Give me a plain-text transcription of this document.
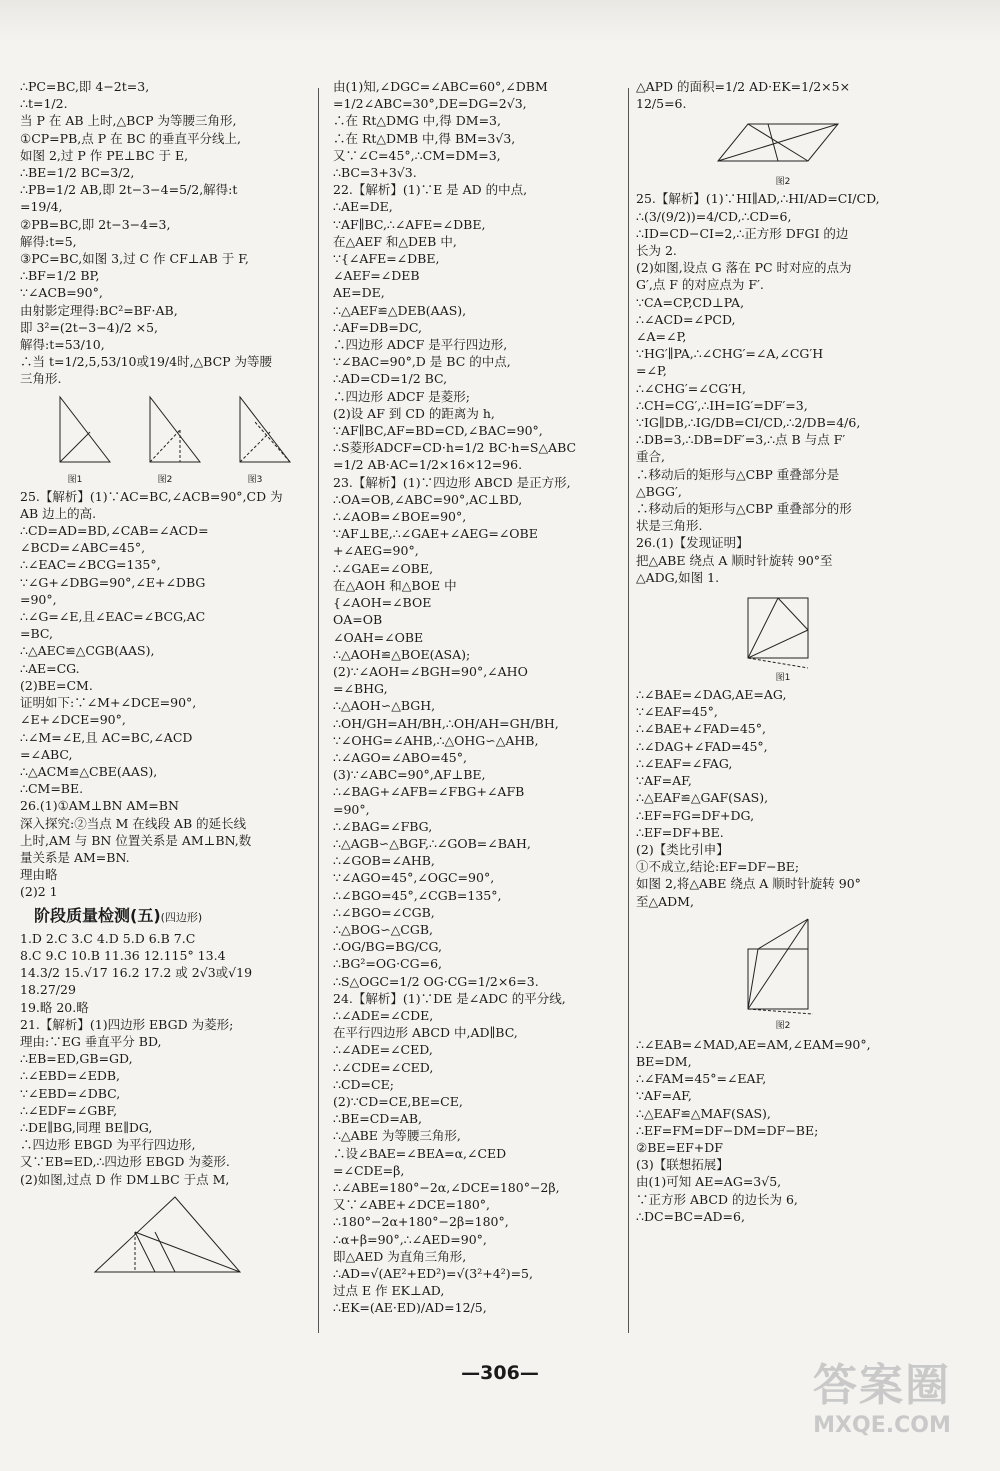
∴PC=BC,即 4−2t=3,
∴t=1/2.
当 P 在 AB 上时,△BCP 为等腰三角形,
①CP=PB,点 P 在 BC 的垂直平分线上,
如图 2,过 P 作 PE⊥BC 于 E,
∴BE=1/2 BC=3/2,
∴PB=1/2 AB,即 2t−3−4=5/2,解得:t
=19/4,
②PB=BC,即 2t−3−4=3,
解得:t=5,
③PC=BC,如图 3,过 C 作 CF⊥AB 于 F,
∴BF=1/2 BP,
∵∠ACB=90°,
由射影定理得:BC²=BF·AB,
即 3²=(2t−3−4)/2 ×5,
解得:t=53/10,
∴当 t=1/2,5,53/10或19/4时,△BCP 为等腰
三角形.
图1	图2	图3
25.【解析】(1)∵AC=BC,∠ACB=90°,CD 为
AB 边上的高.
∴CD=AD=BD,∠CAB=∠ACD=
∠BCD=∠ABC=45°,
∴∠EAC=∠BCG=135°,
∵∠G+∠DBG=90°,∠E+∠DBG
=90°,
∴∠G=∠E,且∠EAC=∠BCG,AC
=BC,
∴△AEC≌△CGB(AAS),
∴AE=CG.
(2)BE=CM.
证明如下:∵∠M+∠DCE=90°,
∠E+∠DCE=90°,
∴∠M=∠E,且 AC=BC,∠ACD
=∠ABC,
∴△ACM≌△CBE(AAS),
∴CM=BE.
26.(1)①AM⊥BN AM=BN
深入探究:②当点 M 在线段 AB 的延长线
上时,AM 与 BN 位置关系是 AM⊥BN,数
量关系是 AM=BN.
理由略
(2)2 1
阶段质量检测(五)(四边形)
1.D 2.C 3.C 4.D 5.D 6.B 7.C
8.C 9.C 10.B 11.36 12.115° 13.4
14.3/2 15.√17 16.2 17.2 或 2√3或√19
18.27/29
19.略 20.略
21.【解析】(1)四边形 EBGD 为菱形;
理由:∵EG 垂直平分 BD,
∴EB=ED,GB=GD,
∴∠EBD=∠EDB,
∵∠EBD=∠DBC,
∴∠EDF=∠GBF,
∴DE∥BG,同理 BE∥DG,
∴四边形 EBGD 为平行四边形,
又∵EB=ED,∴四边形 EBGD 为菱形.
(2)如图,过点 D 作 DM⊥BC 于点 M,
由(1)知,∠DGC=∠ABC=60°,∠DBM
=1/2∠ABC=30°,DE=DG=2√3,
∴在 Rt△DMG 中,得 DM=3,
∴在 Rt△DMB 中,得 BM=3√3,
又∵∠C=45°,∴CM=DM=3,
∴BC=3+3√3.
22.【解析】(1)∵E 是 AD 的中点,
∴AE=DE,
∵AF∥BC,∴∠AFE=∠DBE,
在△AEF 和△DEB 中,
∵{∠AFE=∠DBE,
∠AEF=∠DEB
AE=DE,
∴△AEF≌△DEB(AAS),
∴AF=DB=DC,
∴四边形 ADCF 是平行四边形,
∵∠BAC=90°,D 是 BC 的中点,
∴AD=CD=1/2 BC,
∴四边形 ADCF 是菱形;
(2)设 AF 到 CD 的距离为 h,
∵AF∥BC,AF=BD=CD,∠BAC=90°,
∴S菱形ADCF=CD·h=1/2 BC·h=S△ABC
=1/2 AB·AC=1/2×16×12=96.
23.【解析】(1)∵四边形 ABCD 是正方形,
∴OA=OB,∠ABC=90°,AC⊥BD,
∴∠AOB=∠BOE=90°,
∵AF⊥BE,∴∠GAE+∠AEG=∠OBE
+∠AEG=90°,
∴∠GAE=∠OBE,
在△AOH 和△BOE 中
{∠AOH=∠BOE
OA=OB
∠OAH=∠OBE
∴△AOH≌△BOE(ASA);
(2)∵∠AOH=∠BGH=90°,∠AHO
=∠BHG,
∴△AOH∽△BGH,
∴OH/GH=AH/BH,∴OH/AH=GH/BH,
∵∠OHG=∠AHB,∴△OHG∽△AHB,
∴∠AGO=∠ABO=45°,
(3)∵∠ABC=90°,AF⊥BE,
∴∠BAG+∠AFB=∠FBG+∠AFB
=90°,
∴∠BAG=∠FBG,
∴△AGB∽△BGF,∴∠GOB=∠BAH,
∴∠GOB=∠AHB,
∵∠AGO=45°,∠OGC=90°,
∴∠BGO=45°,∠CGB=135°,
∴∠BGO=∠CGB,
∴△BOG∽△CGB,
∴OG/BG=BG/CG,
∴BG²=OG·CG=6,
∴S△OGC=1/2 OG·CG=1/2×6=3.
24.【解析】(1)∵DE 是∠ADC 的平分线,
∴∠ADE=∠CDE,
在平行四边形 ABCD 中,AD∥BC,
∴∠ADE=∠CED,
∴∠CDE=∠CED,
∴CD=CE;
(2)∵CD=CE,BE=CE,
∴BE=CD=AB,
∴△ABE 为等腰三角形,
∴设∠BAE=∠BEA=α,∠CED
=∠CDE=β,
∴∠ABE=180°−2α,∠DCE=180°−2β,
又∵∠ABE+∠DCE=180°,
∴180°−2α+180°−2β=180°,
∴α+β=90°,∴∠AED=90°,
即△AED 为直角三角形,
∴AD=√(AE²+ED²)=√(3²+4²)=5,
过点 E 作 EK⊥AD,
∴EK=(AE·ED)/AD=12/5,
△APD 的面积=1/2 AD·EK=1/2×5×
12/5=6.
图2
25.【解析】(1)∵HI∥AD,∴HI/AD=CI/CD,
∴(3/(9/2))=4/CD,∴CD=6,
∴ID=CD−CI=2,∴正方形 DFGI 的边
长为 2.
(2)如图,设点 G 落在 PC 时对应的点为
G′,点 F 的对应点为 F′.
∵CA=CP,CD⊥PA,
∴∠ACD=∠PCD,
∠A=∠P,
∵HG′∥PA,∴∠CHG′=∠A,∠CG′H
=∠P,
∴∠CHG′=∠CG′H,
∴CH=CG′,∴IH=IG′=DF′=3,
∵IG∥DB,∴IG/DB=CI/CD,∴2/DB=4/6,
∴DB=3,∴DB=DF′=3,∴点 B 与点 F′
重合,
∴移动后的矩形与△CBP 重叠部分是
△BGG′,
∴移动后的矩形与△CBP 重叠部分的形
状是三角形.
26.(1)【发现证明】
把△ABE 绕点 A 顺时针旋转 90°至
△ADG,如图 1.
图1
∴∠BAE=∠DAG,AE=AG,
∵∠EAF=45°,
∴∠BAE+∠FAD=45°,
∴∠DAG+∠FAD=45°,
∴∠EAF=∠FAG,
∵AF=AF,
∴△EAF≌△GAF(SAS),
∴EF=FG=DF+DG,
∴EF=DF+BE.
(2)【类比引申】
①不成立,结论:EF=DF−BE;
如图 2,将△ABE 绕点 A 顺时针旋转 90°
至△ADM,
图2
∴∠EAB=∠MAD,AE=AM,∠EAM=90°,
BE=DM,
∴∠FAM=45°=∠EAF,
∵AF=AF,
∴△EAF≌△MAF(SAS),
∴EF=FM=DF−DM=DF−BE;
②BE=EF+DF
(3)【联想拓展】
由(1)可知 AE=AG=3√5,
∵正方形 ABCD 的边长为 6,
∴DC=BC=AD=6,
—306—	答案圈
MXQE.COM
